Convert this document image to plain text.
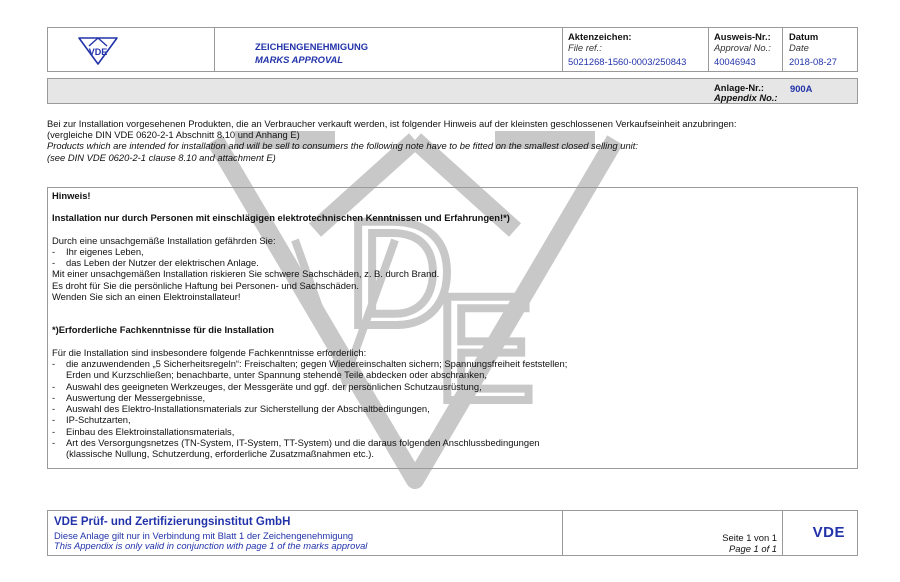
D
E
VDE	ZEICHENGENEHMIGUNG
MARKS APPROVAL
Aktenzeichen:
File ref.:
5021268-1560-0003/250843
Ausweis-Nr.:
Approval No.:
40046943
Datum
Date
2018-08-27
Anlage-Nr.:
Appendix No.:
900A
Bei zur Installation vorgesehenen Produkten, die an Verbraucher verkauft werden, ist folgender Hinweis auf der kleinsten geschlossenen Verkaufseinheit anzubringen:
(vergleiche DIN VDE 0620-2-1 Abschnitt 8.10 und Anhang E)
Products which are intended for installation and will be sell to consumers the following note have to be fitted on the smallest closed selling unit:
(see DIN VDE 0620-2-1 clause 8.10 and attachment E)
Hinweis!
Installation nur durch Personen mit einschlägigen elektrotechnischen Kenntnissen und Erfahrungen!*)
Durch eine unsachgemäße Installation gefährden Sie:
-	Ihr eigenes Leben,
-	das Leben der Nutzer der elektrischen Anlage.
Mit einer unsachgemäßen Installation riskieren Sie schwere Sachschäden, z. B. durch Brand.
Es droht für Sie die persönliche Haftung bei Personen- und Sachschäden.
Wenden Sie sich an einen Elektroinstallateur!
*)Erforderliche Fachkenntnisse für die Installation
Für die Installation sind insbesondere folgende Fachkenntnisse erforderlich:
-	die anzuwendenden „5 Sicherheitsregeln“: Freischalten; gegen Wiedereinschalten sichern; Spannungsfreiheit feststellen;
Erden und Kurzschließen; benachbarte, unter Spannung stehende Teile abdecken oder abschranken,
-	Auswahl des geeigneten Werkzeuges, der Messgeräte und ggf. der persönlichen Schutzausrüstung,
-	Auswertung der Messergebnisse,
-	Auswahl des Elektro-Installationsmaterials zur Sicherstellung der Abschaltbedingungen,
-	IP-Schutzarten,
-	Einbau des Elektroinstallationsmaterials,
-	Art des Versorgungsnetzes (TN-System, IT-System, TT-System) und die daraus folgenden Anschlussbedingungen
(klassische Nullung, Schutzerdung, erforderliche Zusatzmaßnahmen etc.).
VDE Prüf- und Zertifizierungsinstitut GmbH
Diese Anlage gilt nur in Verbindung mit Blatt 1 der Zeichengenehmigung
This Appendix is only valid in conjunction with page 1 of the marks approval
Seite 1 von 1
Page 1 of 1
VDE
